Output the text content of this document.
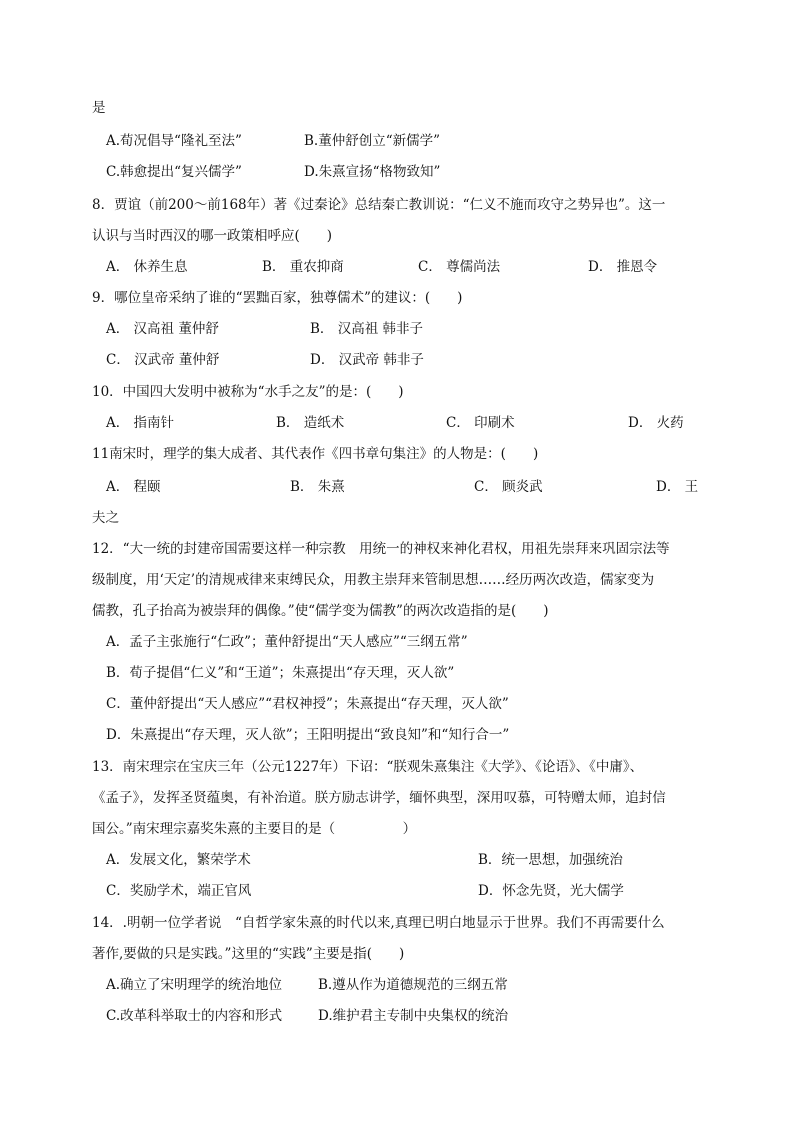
是
A.荀况倡导“隆礼至法”	B.董仲舒创立“新儒学”
C.韩愈提出“复兴儒学”	D.朱熹宣扬“格物致知”
8．贾谊（前200～前168年）著《过秦论》总结秦亡教训说：“仁义不施而攻守之势异也”。这一
认识与当时西汉的哪一政策相呼应(　　)
A． 休养生息	B． 重农抑商	C． 尊儒尚法	D． 推恩令
9．哪位皇帝采纳了谁的“罢黜百家，独尊儒术”的建议：(　　)
A． 汉高祖 董仲舒	B． 汉高祖 韩非子
C． 汉武帝 董仲舒	D． 汉武帝 韩非子
10．中国四大发明中被称为“水手之友”的是：(　　)
A． 指南针	B． 造纸术	C． 印刷术	D． 火药
11南宋时，理学的集大成者、其代表作《四书章句集注》的人物是：(　　)
A． 程颐	B． 朱熹	C． 顾炎武	D． 王
夫之
12．“大一统的封建帝国需要这样一种宗教　用统一的神权来神化君权，用祖先崇拜来巩固宗法等
级制度，用‘天定’的清规戒律来束缚民众，用教主崇拜来管制思想……经历两次改造，儒家变为
儒教，孔子抬高为被崇拜的偶像。”使“儒学变为儒教”的两次改造指的是(　　)
A．孟子主张施行“仁政”；董仲舒提出“天人感应”“三纲五常”
B．荀子提倡“仁义”和“王道”；朱熹提出“存天理，灭人欲”
C．董仲舒提出“天人感应”“君权神授”；朱熹提出“存天理，灭人欲”
D．朱熹提出“存天理，灭人欲”；王阳明提出“致良知”和“知行合一”
13．南宋理宗在宝庆三年（公元1227年）下诏：“朕观朱熹集注《大学》、《论语》、《中庸》、
《孟子》，发挥圣贤蕴奥，有补治道。朕方励志讲学，缅怀典型，深用叹慕，可特赠太师，追封信
国公。”南宋理宗嘉奖朱熹的主要目的是（　　　　　）
A．发展文化，繁荣学术	B．统一思想，加强统治
C．奖励学术，端正官风	D．怀念先贤，光大儒学
14．.明朝一位学者说　“自哲学家朱熹的时代以来,真理已明白地显示于世界。我们不再需要什么
著作,要做的只是实践。”这里的“实践”主要是指(　　)
A.确立了宋明理学的统治地位	B.遵从作为道德规范的三纲五常
C.改革科举取士的内容和形式	D.维护君主专制中央集权的统治
